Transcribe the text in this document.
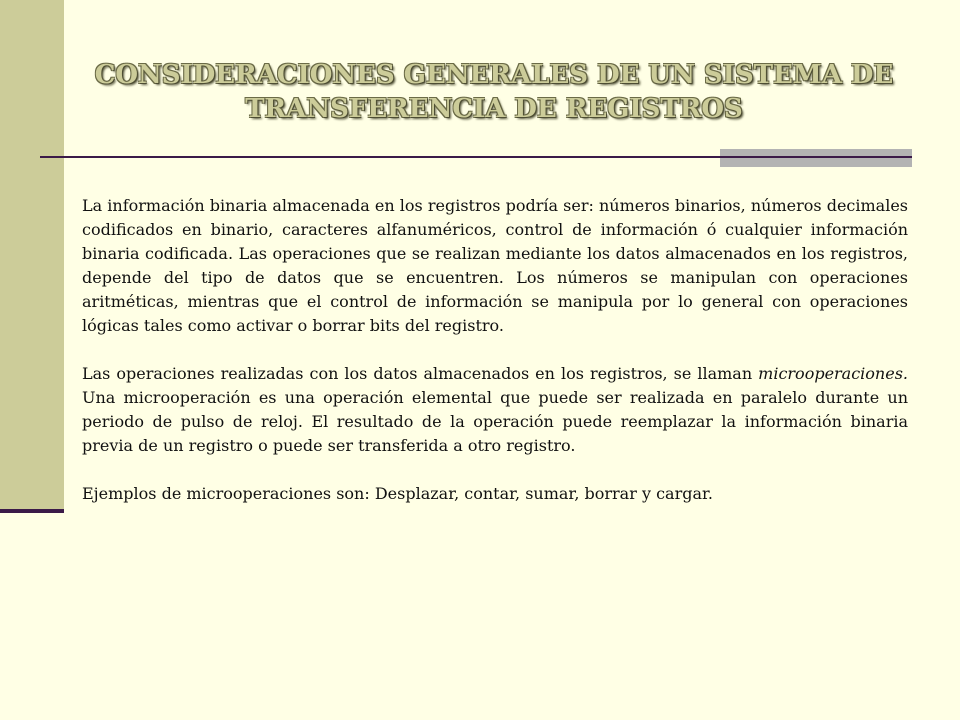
CONSIDERACIONES GENERALES DE UN SISTEMA DE
TRANSFERENCIA DE REGISTROS

La información binaria almacenada en los registros podría ser: números binarios, números decimales codificados en binario, caracteres alfanuméricos, control de información ó cualquier información binaria codificada. Las operaciones que se realizan mediante los datos almacenados en los registros, depende del tipo de datos que se encuentren. Los números se manipulan con operaciones aritméticas, mientras que el control de información se manipula por lo general con operaciones lógicas tales como activar o borrar bits del registro.

Las operaciones realizadas con los datos almacenados en los registros, se llaman microoperaciones. Una microoperación es una operación elemental que puede ser realizada en paralelo durante un periodo de pulso de reloj. El resultado de la operación puede reemplazar la información binaria previa de un registro o puede ser transferida a otro registro.

Ejemplos de microoperaciones son: Desplazar, contar, sumar, borrar y cargar.
